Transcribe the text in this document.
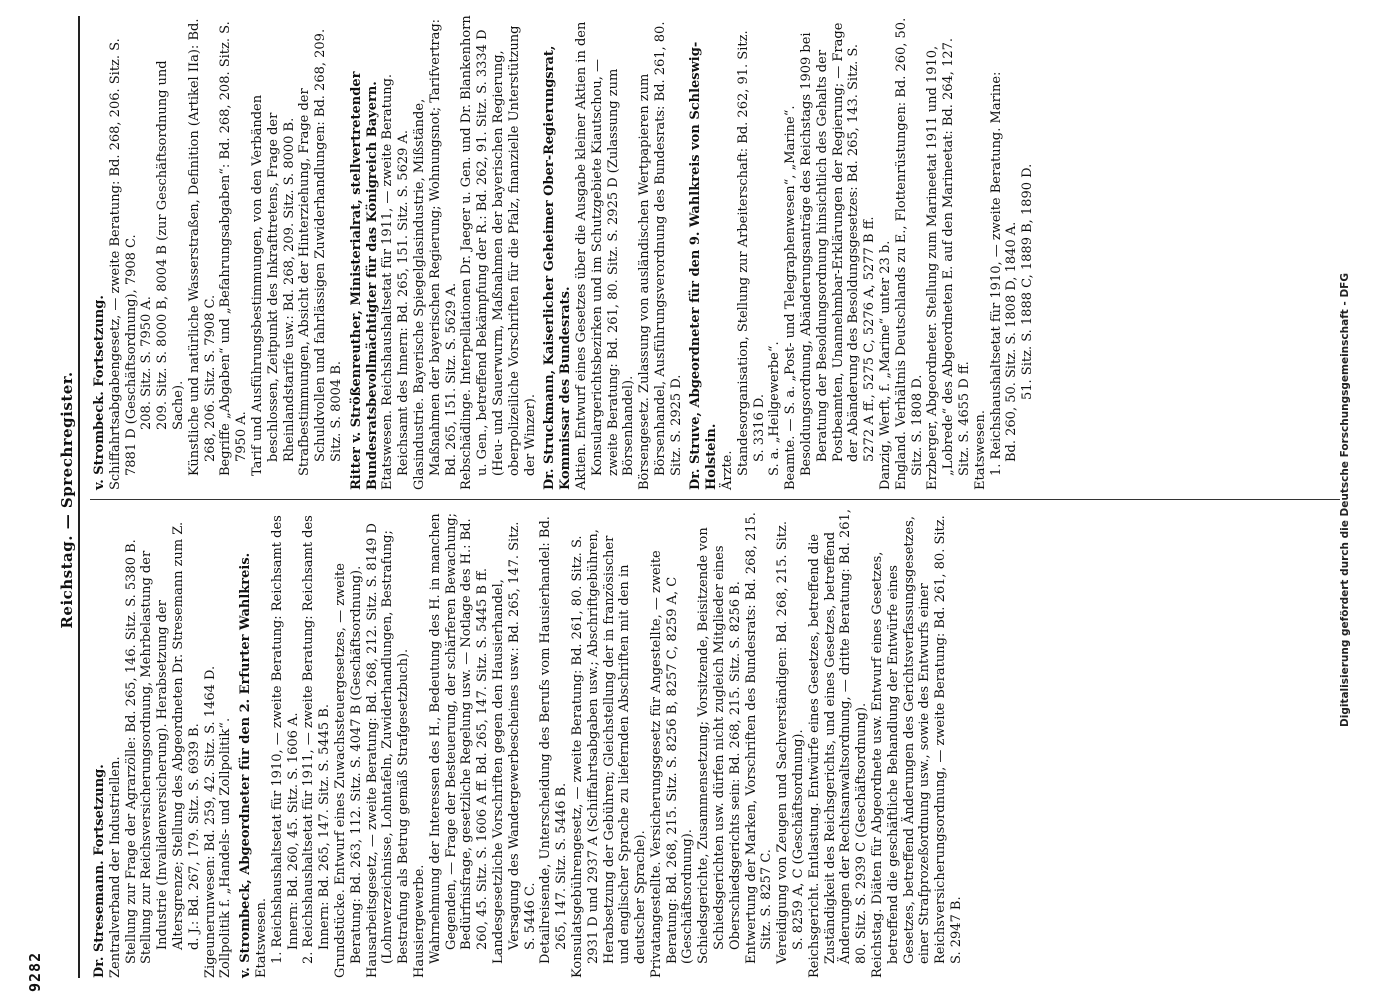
9282
Reichstag. — Sprechregister.

Dr. Stresemann. Fortsetzung. Zentralverband der Industriellen. Stellung zur Frage der Agrarzölle: Bd. 265, 146. Sitz. S. 5380 B. Stellung zur Reichsversicherungsordnung, Mehrbelastung der Industrie (Invalidenversicherung). Herabsetzung der Altersgrenze; Stellung des Abgeordneten Dr. Stresemann zum Z. d. J.: Bd. 267, 179. Sitz. S. 6939 B. Zigeunerunwesen: Bd. 259, 42. Sitz. S. 1464 D. Zollpolitik f. „Handels- und Zollpolitik“. v. Strombeck, Abgeordneter für den 2. Erfurter Wahlkreis. Etatswesen. 1. Reichshaushaltsetat für 1910, — zweite Beratung: Reichsamt des Innern: Bd. 260, 45. Sitz. S. 1606 A. 2. Reichshaushaltsetat für 1911, — zweite Beratung: Reichsamt des Innern: Bd. 265, 147. Sitz. S. 5445 B. Grundstücke. Entwurf eines Zuwachssteuergesetzes, — zweite Beratung: Bd. 263, 112. Sitz. S. 4047 B (Geschäftsordnung). Hausarbeitsgesetz, — zweite Beratung: Bd. 268, 212. Sitz. S. 8149 D (Lohnverzeichnisse, Lohntafeln, Zuwiderhandlungen, Bestrafung; Bestrafung als Betrug gemäß Strafgesetzbuch). Hausiergewerbe. Wahrnehmung der Interessen des H., Bedeutung des H. in manchen Gegenden, — Frage der Besteuerung, der schärferen Bewachung; Bedürfnisfrage, gesetzliche Regelung usw. — Notlage des H.: Bd. 260, 45. Sitz. S. 1606 A ff. Bd. 265, 147. Sitz. S. 5445 B ff. Landesgesetzliche Vorschriften gegen den Hausierhandel, Versagung des Wandergewerbescheines usw.: Bd. 265, 147. Sitz. S. 5446 C. Detailreisende, Unterscheidung des Berufs vom Hausierhandel: Bd. 265, 147. Sitz. S. 5446 B. Konsulatsgebührengesetz, — zweite Beratung: Bd. 261, 80. Sitz. S. 2931 D und 2937 A (Schiffahrtsabgaben usw.; Abschriftgebühren, Herabsetzung der Gebühren; Gleichstellung der in französischer und englischer Sprache zu liefernden Abschriften mit den in deutscher Sprache). Privatangestellte. Versicherungsgesetz für Angestellte, — zweite Beratung: Bd. 268, 215. Sitz. S. 8256 B, 8257 C, 8259 A, C (Geschäftsordnung). Schiedsgerichte, Zusammensetzung; Vorsitzende, Beisitzende von Schiedsgerichten usw. dürfen nicht zugleich Mitglieder eines Oberschiedsgerichts sein: Bd. 268, 215. Sitz. S. 8256 B. Entwertung der Marken, Vorschriften des Bundesrats: Bd. 268, 215. Sitz. S. 8257 C. Vereidigung von Zeugen und Sachverständigen: Bd. 268, 215. Sitz. S. 8259 A, C (Geschäftsordnung). Reichsgericht. Entlastung. Entwürfe eines Gesetzes, betreffend die Zuständigkeit des Reichsgerichts, und eines Gesetzes, betreffend Änderungen der Rechtsanwaltsordnung, — dritte Beratung: Bd. 261, 80. Sitz. S. 2939 C (Geschäftsordnung). Reichstag. Diäten für Abgeordnete usw. Entwurf eines Gesetzes, betreffend die geschäftliche Behandlung der Entwürfe eines Gesetzes, betreffend Änderungen des Gerichtsverfassungsgesetzes, einer Strafprozeßordnung usw., sowie des Entwurfs einer Reichsversicherungsordnung, — zweite Beratung: Bd. 261, 80. Sitz. S. 2947 B.

v. Strombeck. Fortsetzung. Schiffahrtsabgabengesetz, — zweite Beratung: Bd. 268, 206. Sitz. S. 7881 D (Geschäftsordnung), 7908 C. 208. Sitz. S. 7950 A. 209. Sitz. S. 8000 B, 8004 B (zur Geschäftsordnung und Sache). Künstliche und natürliche Wasserstraßen, Definition (Artikel IIa): Bd. 268, 206. Sitz. S. 7908 C. Begriffe „Abgaben“ und „Befahrungsabgaben“: Bd. 268, 208. Sitz. S. 7950 A. Tarif und Ausführungsbestimmungen, von den Verbänden beschlossen, Zeitpunkt des Inkrafttretens, Frage der Rheinlandstarife usw.: Bd. 268, 209. Sitz. S. 8000 B. Strafbestimmungen, Absicht der Hinterziehung, Frage der Schuldvollen und fahrlässigen Zuwiderhandlungen: Bd. 268, 209. Sitz. S. 8004 B. Ritter v. Strößenreuther, Ministerialrat, stellvertretender Bundesratsbevollmächtigter für das Königreich Bayern. Etatswesen. Reichshaushaltsetat für 1911, — zweite Beratung. Reichsamt des Innern: Bd. 265, 151. Sitz. S. 5629 A. Glasindustrie. Bayerische Spiegelglasindustrie, Mißstände, Maßnahmen der bayerischen Regierung; Wohnungsnot; Tarifvertrag: Bd. 265, 151. Sitz. S. 5629 A. Rebschädlinge. Interpellationen Dr. Jaeger u. Gen. und Dr. Blankenhorn u. Gen., betreffend Bekämpfung der R.: Bd. 262, 91. Sitz. S. 3334 D (Heu- und Sauerwurm, Maßnahmen der bayerischen Regierung, oberpolizeiliche Vorschriften für die Pfalz, finanzielle Unterstützung der Winzer). Dr. Struckmann, Kaiserlicher Geheimer Ober-Regierungsrat, Kommissar des Bundesrats. Aktien. Entwurf eines Gesetzes über die Ausgabe kleiner Aktien in den Konsulargerichtsbezirken und im Schutzgebiete Kiautschou, — zweite Beratung: Bd. 261, 80. Sitz. S. 2925 D (Zulassung zum Börsenhandel). Börsengesetz. Zulassung von ausländischen Wertpapieren zum Börsenhandel, Ausführungsverordnung des Bundesrats: Bd. 261, 80. Sitz. S. 2925 D. Dr. Struve, Abgeordneter für den 9. Wahlkreis von Schleswig-Holstein. Ärzte. Standesorganisation, Stellung zur Arbeiterschaft: Bd. 262, 91. Sitz. S. 3316 D. S. a. „Heilgewerbe“. Beamte. — S. a. „Post- und Telegraphenwesen“, „Marine“. Besoldungsordnung, Abänderungsanträge des Reichstags 1909 bei Beratung der Besoldungsordnung hinsichtlich des Gehalts der Postbeamten, Unannehmbar-Erklärungen der Regierung; — Frage der Abänderung des Besoldungsgesetzes: Bd. 265, 143. Sitz. S. 5272 A ff., 5275 C, 5276 A, 5277 B ff. Danzig, Werft, f. „Marine“ unter 23 b. England. Verhältnis Deutschlands zu E., Flottenrüstungen: Bd. 260, 50. Sitz. S. 1808 D. Erzberger, Abgeordneter. Stellung zum Marineetat 1911 und 1910, „Lobrede“ des Abgeordneten E. auf den Marineetat: Bd. 264, 127. Sitz. S. 4655 D ff. Etatswesen. 1. Reichshaushaltsetat für 1910, — zweite Beratung. Marine: Bd. 260, 50. Sitz. S. 1808 D, 1840 A. 51. Sitz. S. 1888 C, 1889 B, 1890 D.	Digitalisierung gefördert durch die Deutsche Forschungsgemeinschaft - DFG
